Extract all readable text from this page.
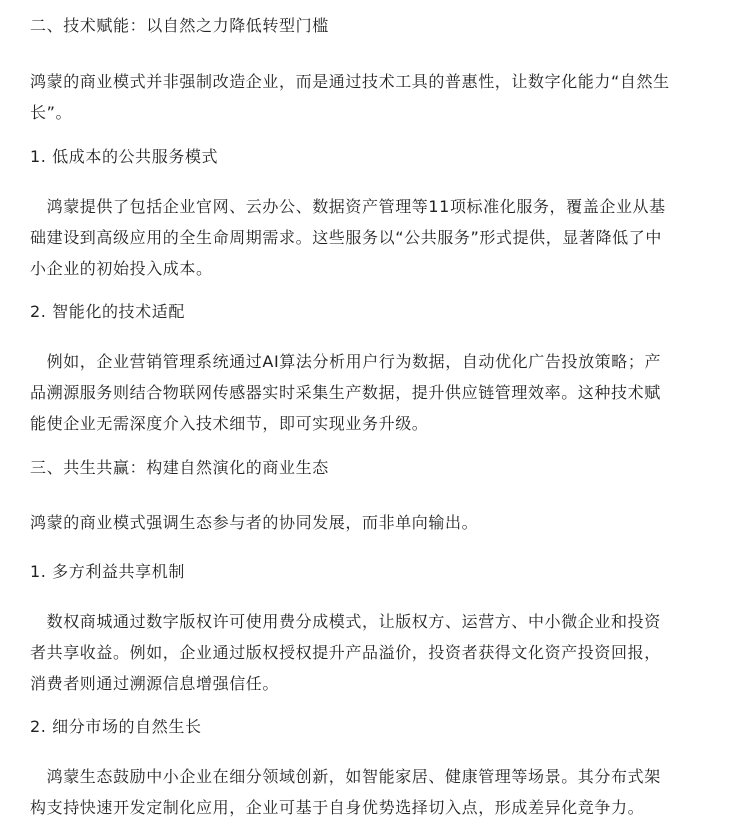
二、技术赋能：以自然之力降低转型门槛

鸿蒙的商业模式并非强制改造企业，而是通过技术工具的普惠性，让数字化能力“自然生
长”。

1. 低成本的公共服务模式

　鸿蒙提供了包括企业官网、云办公、数据资产管理等11项标准化服务，覆盖企业从基
础建设到高级应用的全生命周期需求。这些服务以“公共服务”形式提供，显著降低了中
小企业的初始投入成本。

2. 智能化的技术适配

　例如，企业营销管理系统通过AI算法分析用户行为数据，自动优化广告投放策略；产
品溯源服务则结合物联网传感器实时采集生产数据，提升供应链管理效率。这种技术赋
能使企业无需深度介入技术细节，即可实现业务升级。

三、共生共赢：构建自然演化的商业生态

鸿蒙的商业模式强调生态参与者的协同发展，而非单向输出。

1. 多方利益共享机制

　数权商城通过数字版权许可使用费分成模式，让版权方、运营方、中小微企业和投资
者共享收益。例如，企业通过版权授权提升产品溢价，投资者获得文化资产投资回报，
消费者则通过溯源信息增强信任。

2. 细分市场的自然生长

　鸿蒙生态鼓励中小企业在细分领域创新，如智能家居、健康管理等场景。其分布式架
构支持快速开发定制化应用，企业可基于自身优势选择切入点，形成差异化竞争力。
